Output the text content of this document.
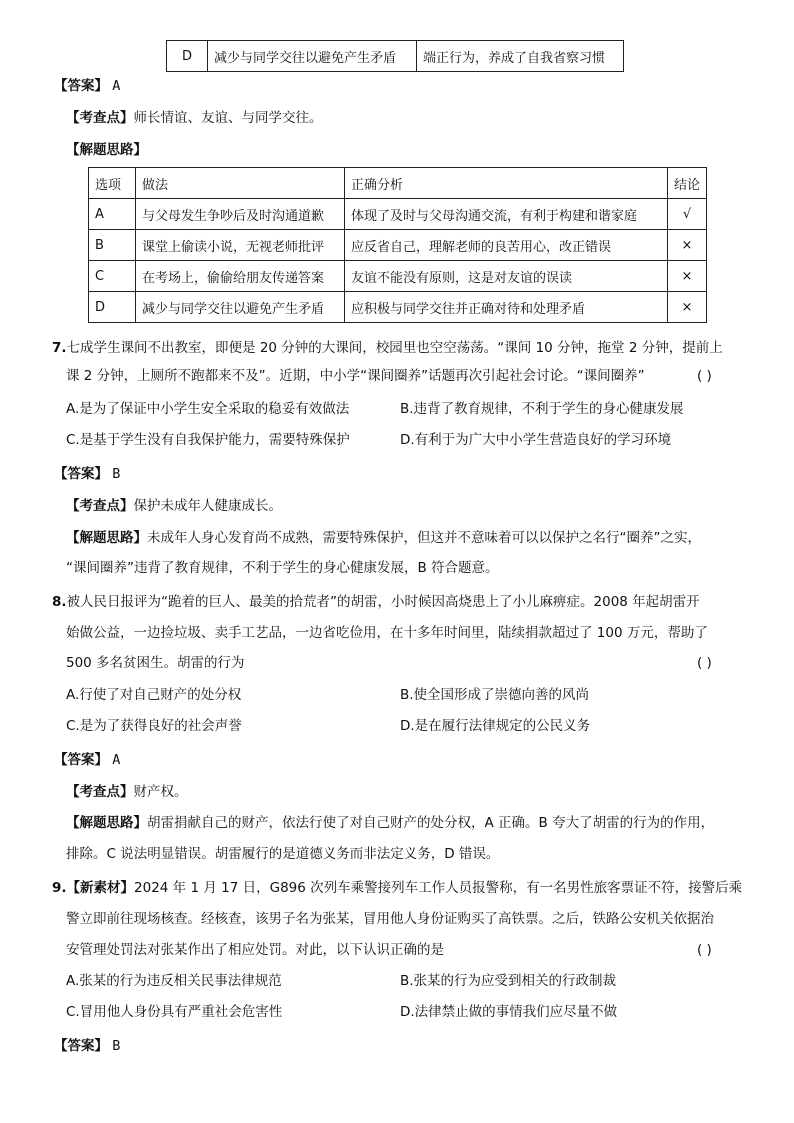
D	减少与同学交往以避免产生矛盾	端正行为，养成了自我省察习惯
【答案】 A
【考查点】师长情谊、友谊、与同学交往。
【解题思路】
选项	做法	正确分析	结论
A	与父母发生争吵后及时沟通道歉	体现了及时与父母沟通交流，有利于构建和谐家庭	√
B	课堂上偷读小说，无视老师批评	应反省自己，理解老师的良苦用心，改正错误	×
C	在考场上，偷偷给朋友传递答案	友谊不能没有原则，这是对友谊的误读	×
D	减少与同学交往以避免产生矛盾	应积极与同学交往并正确对待和处理矛盾	×
7.七成学生课间不出教室，即便是 20 分钟的大课间，校园里也空空荡荡。“课间 10 分钟，拖堂 2 分钟，提前上
课 2 分钟，上厕所不跑都来不及”。近期，中小学“课间圈养”话题再次引起社会讨论。“课间圈养”	( )
A.是为了保证中小学生安全采取的稳妥有效做法	B.违背了教育规律，不利于学生的身心健康发展
C.是基于学生没有自我保护能力，需要特殊保护	D.有利于为广大中小学生营造良好的学习环境
【答案】 B
【考查点】保护未成年人健康成长。
【解题思路】未成年人身心发育尚不成熟，需要特殊保护，但这并不意味着可以以保护之名行“圈养”之实，
“课间圈养”违背了教育规律，不利于学生的身心健康发展，B 符合题意。
8.被人民日报评为“跪着的巨人、最美的拾荒者”的胡雷，小时候因高烧患上了小儿麻痹症。2008 年起胡雷开
始做公益，一边捡垃圾、卖手工艺品，一边省吃俭用，在十多年时间里，陆续捐款超过了 100 万元，帮助了
500 多名贫困生。胡雷的行为	( )
A.行使了对自己财产的处分权	B.使全国形成了崇德向善的风尚
C.是为了获得良好的社会声誉	D.是在履行法律规定的公民义务
【答案】 A
【考查点】财产权。
【解题思路】胡雷捐献自己的财产，依法行使了对自己财产的处分权，A 正确。B 夸大了胡雷的行为的作用，
排除。C 说法明显错误。胡雷履行的是道德义务而非法定义务，D 错误。
9.【新素材】2024 年 1 月 17 日，G896 次列车乘警接列车工作人员报警称，有一名男性旅客票证不符，接警后乘
警立即前往现场核查。经核查，该男子名为张某，冒用他人身份证购买了高铁票。之后，铁路公安机关依据治
安管理处罚法对张某作出了相应处罚。对此，以下认识正确的是	( )
A.张某的行为违反相关民事法律规范	B.张某的行为应受到相关的行政制裁
C.冒用他人身份具有严重社会危害性	D.法律禁止做的事情我们应尽量不做
【答案】 B
